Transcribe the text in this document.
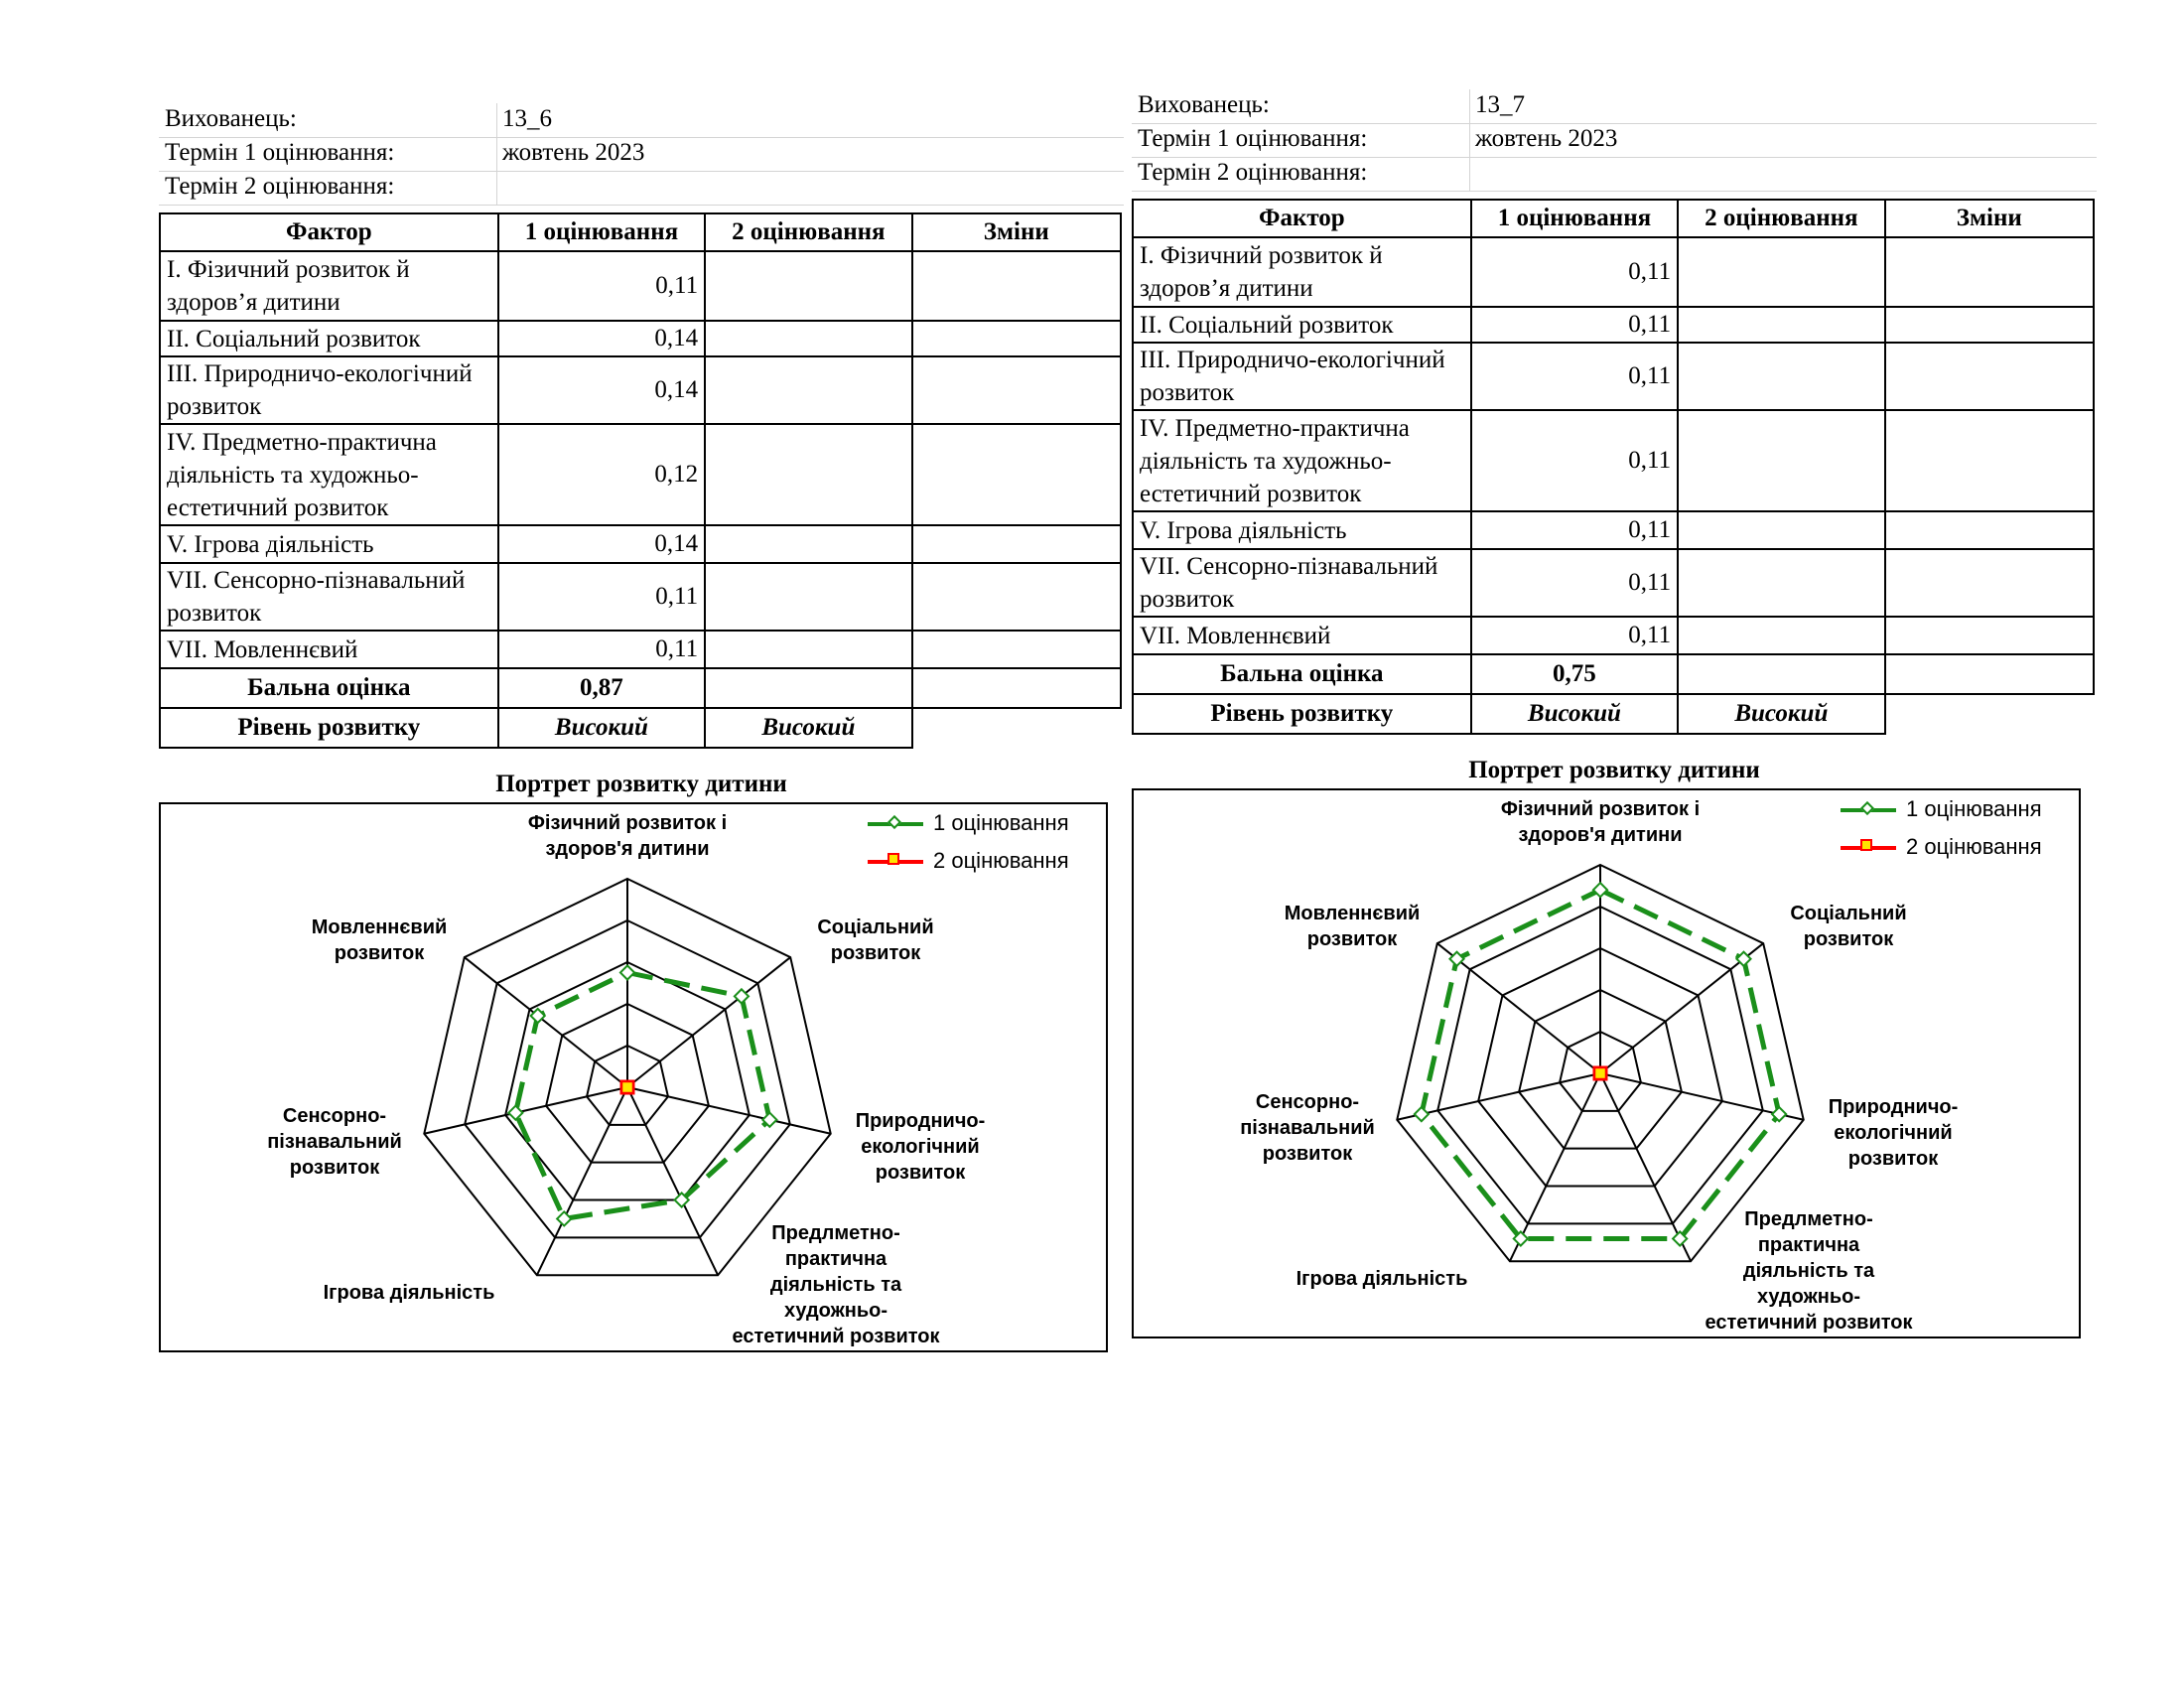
Вихованець:	13_6
Термін 1 оцінювання:	жовтень 2023
Термін 2 оцінювання:
Фактор	1 оцінювання	2 оцінювання	Зміни
I. Фізичний розвиток й здоров’я дитини	0,11		
II. Соціальний розвиток	0,14		
III. Природничо-екологічний розвиток	0,14		
IV. Предметно-практична діяльність та художньо-естетичний розвиток	0,12		
V. Ігрова діяльність	0,14		
VII. Сенсорно-пізнавальний розвиток	0,11		
VII. Мовленнєвий	0,11		
Бальна оцінка	0,87		
Рівень розвитку	Високий	Високий	
Портрет розвитку дитини
Фізичний розвиток і здоров'я дитини
Соціальний розвиток
Природничо-екологічний розвиток
Предлметно-практична діяльність та художньо-естетичний розвиток
Ігрова діяльність
Сенсорно-пізнавальний розвиток
Мовленнєвий розвиток
1 оцінювання
2 оцінювання
Вихованець:	13_7
Термін 1 оцінювання:	жовтень 2023
Термін 2 оцінювання:
Фактор	1 оцінювання	2 оцінювання	Зміни
I. Фізичний розвиток й здоров’я дитини	0,11		
II. Соціальний розвиток	0,11		
III. Природничо-екологічний розвиток	0,11		
IV. Предметно-практична діяльність та художньо-естетичний розвиток	0,11		
V. Ігрова діяльність	0,11		
VII. Сенсорно-пізнавальний розвиток	0,11		
VII. Мовленнєвий	0,11		
Бальна оцінка	0,75		
Рівень розвитку	Високий	Високий	
Портрет розвитку дитини
Фізичний розвиток і здоров'я дитини
Соціальний розвиток
Природничо-екологічний розвиток
Предлметно-практична діяльність та художньо-естетичний розвиток
Ігрова діяльність
Сенсорно-пізнавальний розвиток
Мовленнєвий розвиток
1 оцінювання
2 оцінювання
